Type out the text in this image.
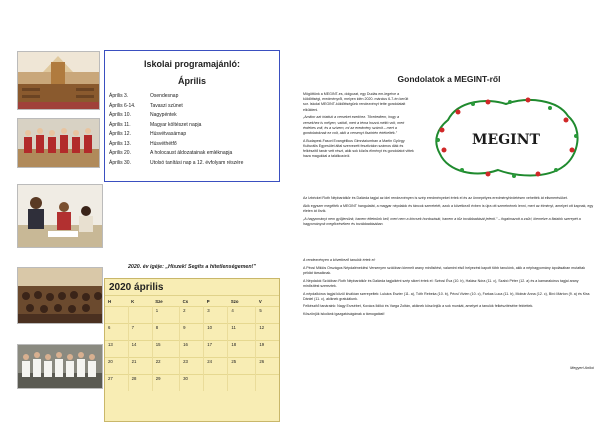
Iskolai programajánló:
Április
Április 3.	Osendesnap
Április 6-14.	Tavaszi szünet
Április 10.	Nagypéntek
Április 11.	Magyar költészet napja
Április 12.	Húsvétvasárnap
Április 13.	Húsvéthétfő
Április 20.	A holocaust áldozatainak emléknapja
Április 30.	Utolsó tanítási nap a 12. évfolyam részére
2020. év igéje: „Hiszek! Segíts a hitetlenségemen!”
2020 április
H	K	Sze	Cs	P	Szo	V
		1	2	3	4	5
6	7	8	9	10	11	12
13	14	15	16	17	18	19
20	21	22	23	24	25	26
27	28	29	30			
Gondolatok a MEGINT-ről
MEGINT

Mögöttünk a MEGINT-es, dolgozat, egy Dudás em-legetve a küldöttségi, eredményről, melyen idén 2020. március 6-7-én került sor. Iskolai MEGINT-küldöttségünk rendezvényt tette gondolatait elküldeni.

„Amikor azt írtattuk a verseket ezekhez. Törekedtem, hogy a versekhez is mélyen, valódi, mert a téma hozzá méltó volt, mert érdekes volt, és a szívem, mi az eredmény számít – mert a gondolatoknak ez volt, akik a versenyt őszintén értékelték.”

A Budapest-Fasori Evangélikus Gimnáziumban a Martin György Kulturális Egyesület által szervezett fesztiválon számos diák és felkészítő tanár vett részt, akik sok közös élményt és gondolatot vittek haza magukkal a találkozóról.

Az Izbéckei Roth Népbarátkör és Dalárda tagjai az idei rendezvényen is szép eredményeket értek el és az ünnepélyes eredményhirdetésen vehették át elismerésüket.

Akik egyszer megélték a MEGINT hangulatát, a magyar népdalok és táncok szeretetét, azok a következő évben is újra ott szeretnének lenni, mert az élményt, amelyet ott kapnak, egy életen át őrzik.

„A hagyományt nem gyűjtenünk, hanem éltetnünk kell, mert nem a kincsek hordozását, hanem a tűz továbbadását jelenti.” – fogalmazott a zsűri, kiemelve a fiatalok szerepét a hagyományok megőrzésében és továbbadásában.

A rendezvényen a következő tanulók értek el:

A Pécsi Miklós Országos Népdaléneklési Versenyen szólóban kiemelt arany minősítést, valamint első helyezést kapott több tanulónk, akik a néphagyomány ápolásában mutattak példát társaiknak.

A Népdalok Szólóban Roth Népbarátkör és Dalárda tagjaiként szép sikert értek el: Szécsi Éva (10. b), Halász Nóra (11. c), Szabó Péter (12. a) és a kamarakórus tagjai arany minősítést szereztek.

A népdalkórus tagjai közül kiválóan szerepeltek: Lukács Eszter (11. a), Tóth Rebeka (10. b), Pécsi Vivien (10. c), Farkas Luca (11. b), Molnár Anna (12. c), Bíró Márton (9. a) és Kiss Dániel (11. c), akiknek gratulálunk.

Felkészítő tanáraink: Nagy Erzsébet, Kovács Ildikó és Varga Zoltán, akiknek köszönjük a sok munkát, amelyet a tanulók felkészítésébe fektettek.

Köszönjük iskolánk igazgatóságának a támogatást!

Megyeri Anikó
